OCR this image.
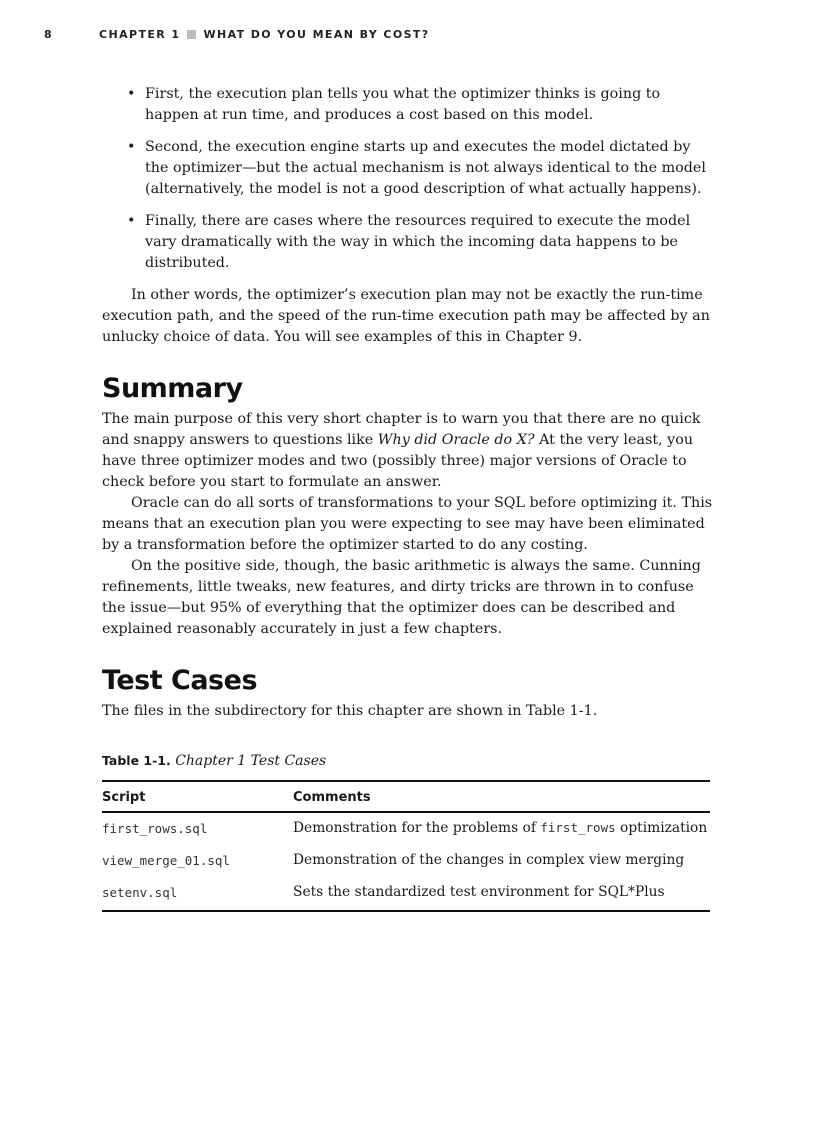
8	CHAPTER 1 WHAT DO YOU MEAN BY COST?
• First, the execution plan tells you what the optimizer thinks is going to happen at run time, and produces a cost based on this model.
• Second, the execution engine starts up and executes the model dictated by the optimizer—but the actual mechanism is not always identical to the model (alternatively, the model is not a good description of what actually happens).
• Finally, there are cases where the resources required to execute the model vary dramatically with the way in which the incoming data happens to be distributed.

In other words, the optimizer’s execution plan may not be exactly the run-time execution path, and the speed of the run-time execution path may be affected by an unlucky choice of data. You will see examples of this in Chapter 9.

Summary

The main purpose of this very short chapter is to warn you that there are no quick and snappy answers to questions like Why did Oracle do X? At the very least, you have three optimizer modes and two (possibly three) major versions of Oracle to check before you start to formulate an answer.

Oracle can do all sorts of transformations to your SQL before optimizing it. This means that an execution plan you were expecting to see may have been eliminated by a transformation before the optimizer started to do any costing.

On the positive side, though, the basic arithmetic is always the same. Cunning refinements, little tweaks, new features, and dirty tricks are thrown in to confuse the issue—but 95% of everything that the optimizer does can be described and explained reasonably accurately in just a few chapters.

Test Cases

The files in the subdirectory for this chapter are shown in Table 1-1.

Table 1-1. Chapter 1 Test Cases
Script	Comments
first_rows.sql	Demonstration for the problems of first_rows optimization
view_merge_01.sql	Demonstration of the changes in complex view merging
setenv.sql	Sets the standardized test environment for SQL*Plus
